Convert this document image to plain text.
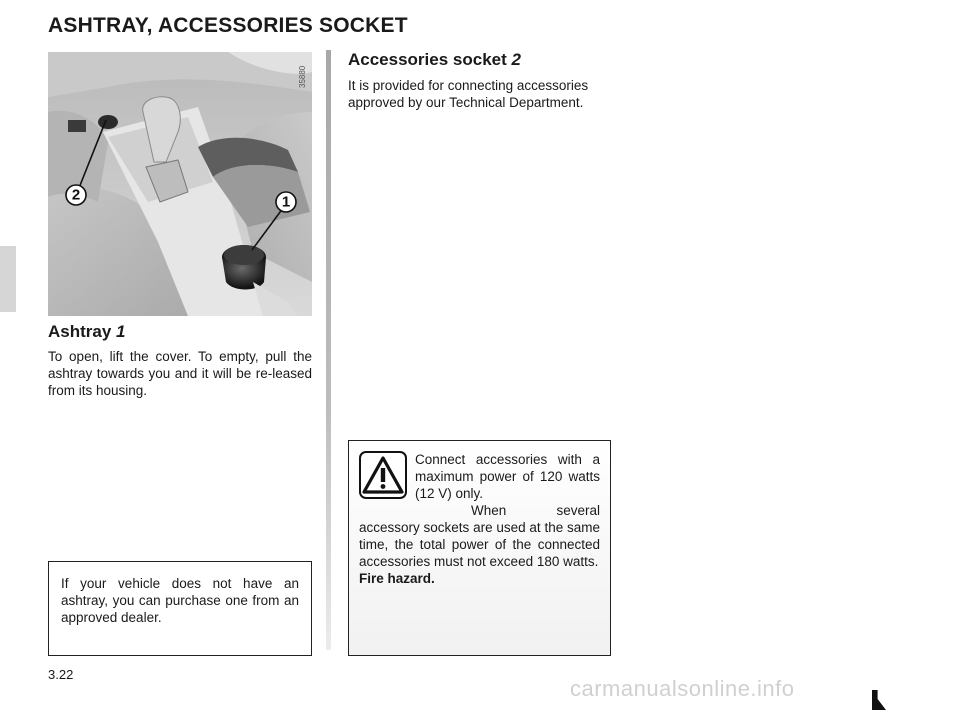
ASHTRAY, ACCESSORIES SOCKET
2	1
35880
Ashtray 1

To open, lift the cover. To empty, pull the ashtray towards you and it will be re-leased from its housing.

If your vehicle does not have an ashtray, you can purchase one from an approved dealer.

Accessories socket 2

It is provided for connecting accessories approved by our Technical Department.

Connect accessories with a maximum power of 120 watts (12 V) only.

When several accessory sockets are used at the same time, the total power of the connected accessories must not exceed 180 watts.

Fire hazard.

3.22

carmanualsonline.info
